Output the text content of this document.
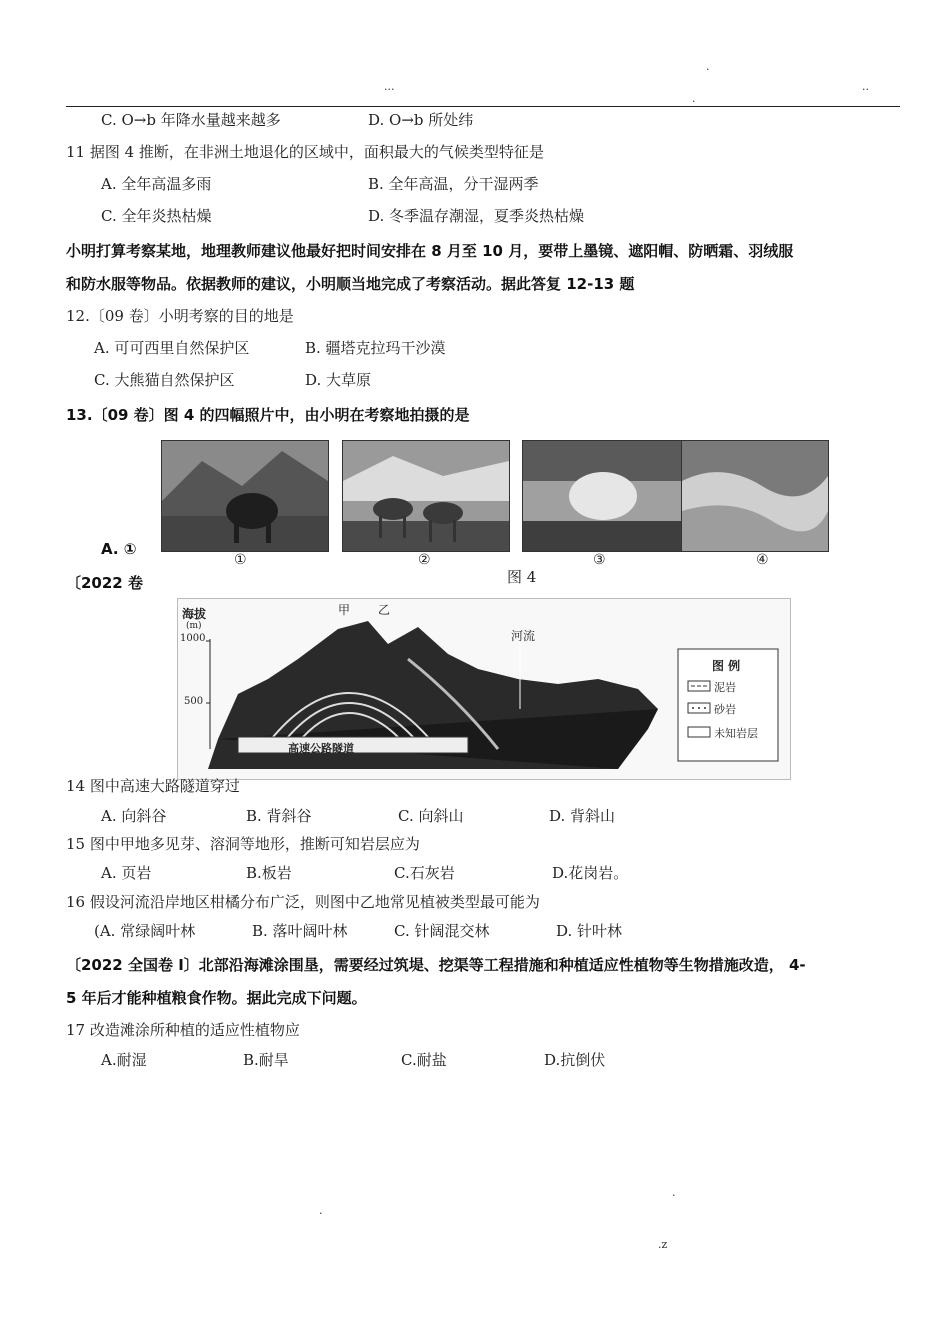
.
...
.
..
C. O→b 年降水量越来越多	D. O→b 所处纬
11 据图 4 推断，在非洲土地退化的区域中，面积最大的气候类型特征是
A. 全年高温多雨	B. 全年高温，分干湿两季
C. 全年炎热枯燥	D. 冬季温存潮湿，夏季炎热枯燥
小明打算考察某地，地理教师建议他最好把时间安排在 8 月至 10 月，要带上墨镜、遮阳帽、防晒霜、羽绒服
和防水服等物品。依据教师的建议，小明顺当地完成了考察活动。据此答复 12-13 题
12.〔09 卷〕小明考察的目的地是
A. 可可西里自然保护区	B. 疆塔克拉玛干沙漠
C. 大熊猫自然保护区	D. 大草原
13.〔09 卷〕图 4 的四幅照片中，由小明在考察地拍摄的是
①	②	③	④
图 4
A. ①
〔2022 卷
海拔
(m)
1000
500
甲 乙
河流
高速公路隧道
图 例
泥岩
砂岩
未知岩层
14 图中高速大路隧道穿过
A. 向斜谷	B. 背斜谷	C. 向斜山	D. 背斜山
15 图中甲地多见芽、溶洞等地形，推断可知岩层应为
A. 页岩	B.板岩	C.石灰岩	D.花岗岩。
16 假设河流沿岸地区柑橘分布广泛，则图中乙地常见植被类型最可能为
(A. 常绿阔叶林	B. 落叶阔叶林	C. 针阔混交林	D. 针叶林
〔2022 全国卷 I〕北部沿海滩涂围垦，需要经过筑堤、挖渠等工程措施和种植适应性植物等生物措施改造， 4-
5 年后才能种植粮食作物。据此完成下问题。
17 改造滩涂所种植的适应性植物应
A.耐湿	B.耐旱	C.耐盐	D.抗倒伏
.
.
.z
